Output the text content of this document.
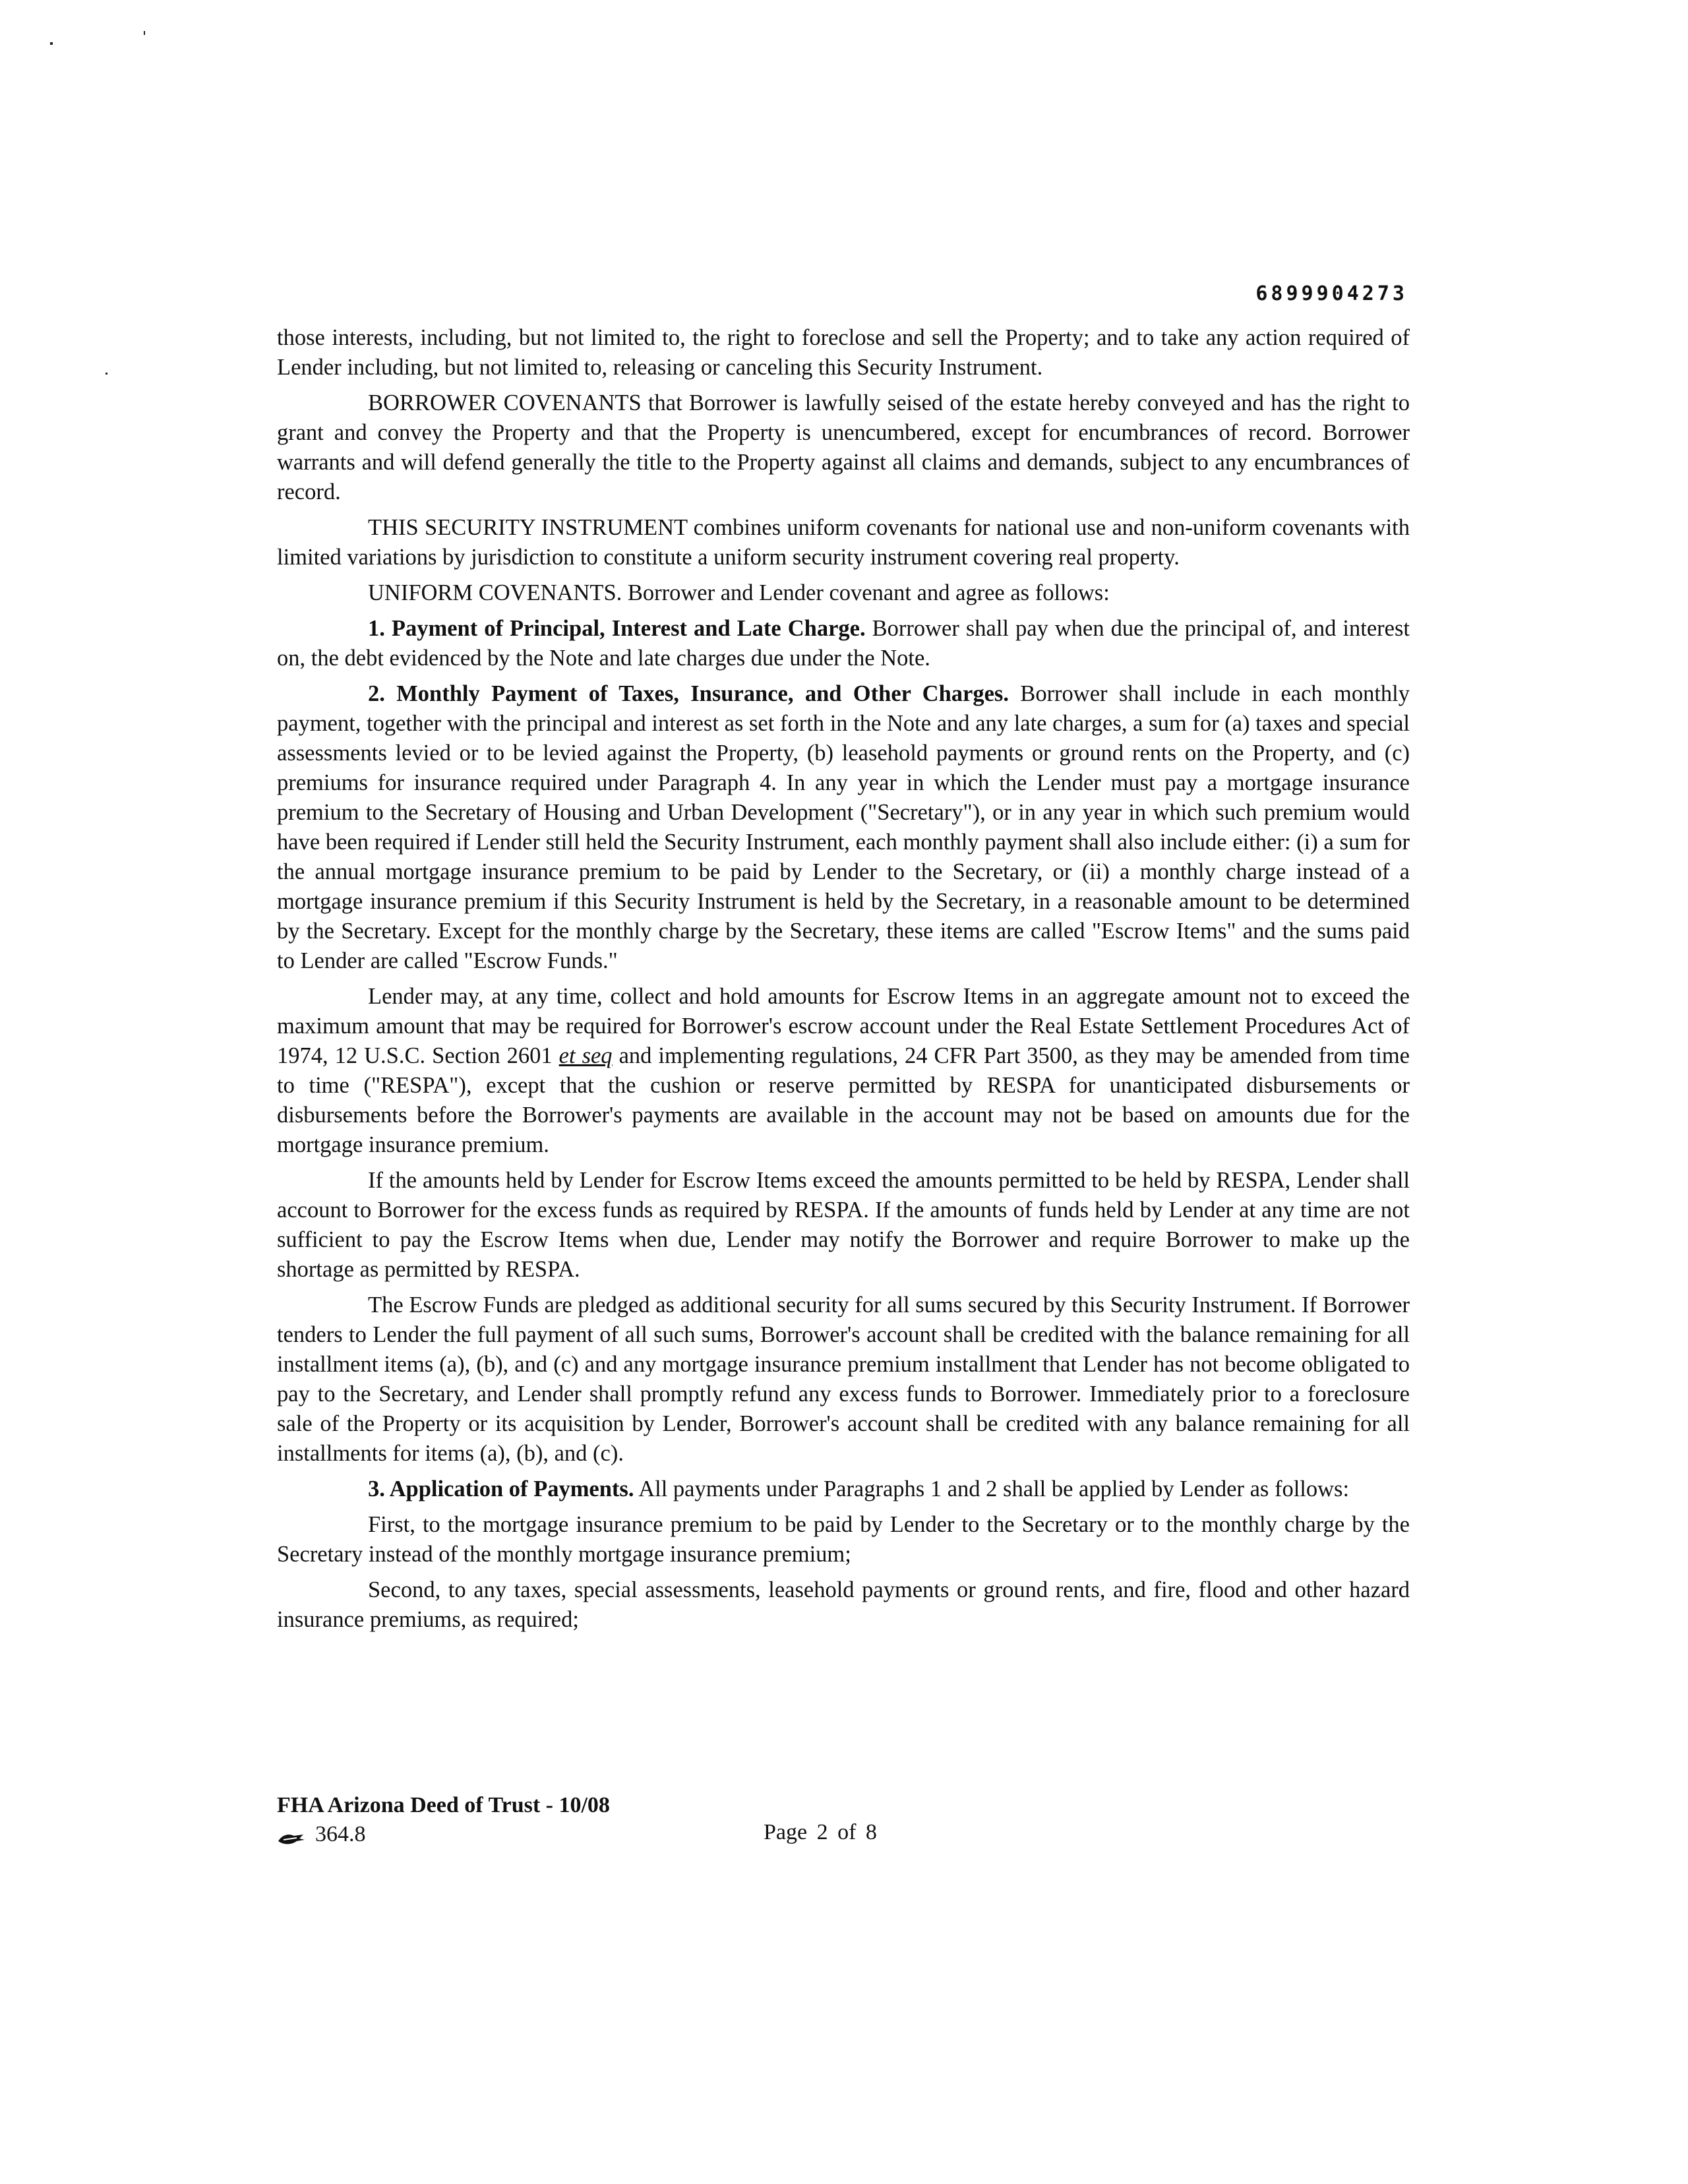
6899904273

those interests, including, but not limited to, the right to foreclose and sell the Property; and to take any action required of Lender including, but not limited to, releasing or canceling this Security Instrument.

BORROWER COVENANTS that Borrower is lawfully seised of the estate hereby conveyed and has the right to grant and convey the Property and that the Property is unencumbered, except for encumbrances of record. Borrower warrants and will defend generally the title to the Property against all claims and demands, subject to any encumbrances of record.

THIS SECURITY INSTRUMENT combines uniform covenants for national use and non-uniform covenants with limited variations by jurisdiction to constitute a uniform security instrument covering real property.

UNIFORM COVENANTS. Borrower and Lender covenant and agree as follows:

1. Payment of Principal, Interest and Late Charge. Borrower shall pay when due the principal of, and interest on, the debt evidenced by the Note and late charges due under the Note.

2. Monthly Payment of Taxes, Insurance, and Other Charges. Borrower shall include in each monthly payment, together with the principal and interest as set forth in the Note and any late charges, a sum for (a) taxes and special assessments levied or to be levied against the Property, (b) leasehold payments or ground rents on the Property, and (c) premiums for insurance required under Paragraph 4. In any year in which the Lender must pay a mortgage insurance premium to the Secretary of Housing and Urban Development ("Secretary"), or in any year in which such premium would have been required if Lender still held the Security Instrument, each monthly payment shall also include either: (i) a sum for the annual mortgage insurance premium to be paid by Lender to the Secretary, or (ii) a monthly charge instead of a mortgage insurance premium if this Security Instrument is held by the Secretary, in a reasonable amount to be determined by the Secretary. Except for the monthly charge by the Secretary, these items are called "Escrow Items" and the sums paid to Lender are called "Escrow Funds."

Lender may, at any time, collect and hold amounts for Escrow Items in an aggregate amount not to exceed the maximum amount that may be required for Borrower's escrow account under the Real Estate Settlement Procedures Act of 1974, 12 U.S.C. Section 2601 et seq and implementing regulations, 24 CFR Part 3500, as they may be amended from time to time ("RESPA"), except that the cushion or reserve permitted by RESPA for unanticipated disbursements or disbursements before the Borrower's payments are available in the account may not be based on amounts due for the mortgage insurance premium.

If the amounts held by Lender for Escrow Items exceed the amounts permitted to be held by RESPA, Lender shall account to Borrower for the excess funds as required by RESPA. If the amounts of funds held by Lender at any time are not sufficient to pay the Escrow Items when due, Lender may notify the Borrower and require Borrower to make up the shortage as permitted by RESPA.

The Escrow Funds are pledged as additional security for all sums secured by this Security Instrument. If Borrower tenders to Lender the full payment of all such sums, Borrower's account shall be credited with the balance remaining for all installment items (a), (b), and (c) and any mortgage insurance premium installment that Lender has not become obligated to pay to the Secretary, and Lender shall promptly refund any excess funds to Borrower. Immediately prior to a foreclosure sale of the Property or its acquisition by Lender, Borrower's account shall be credited with any balance remaining for all installments for items (a), (b), and (c).

3. Application of Payments. All payments under Paragraphs 1 and 2 shall be applied by Lender as follows:

First, to the mortgage insurance premium to be paid by Lender to the Secretary or to the monthly charge by the Secretary instead of the monthly mortgage insurance premium;

Second, to any taxes, special assessments, leasehold payments or ground rents, and fire, flood and other hazard insurance premiums, as required;

FHA Arizona Deed of Trust - 10/08
364.8	Page 2 of 8
